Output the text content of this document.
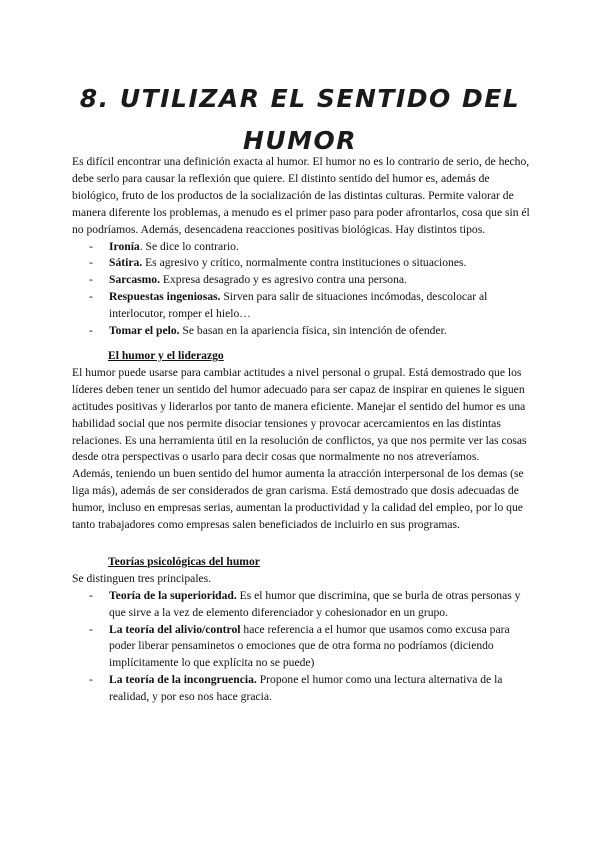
8. UTILIZAR EL SENTIDO DEL HUMOR

Es difícil encontrar una definición exacta al humor. El humor no es lo contrario de serio, de hecho, debe serlo para causar la reflexión que quiere. El distinto sentido del humor es, además de biológico, fruto de los productos de la socialización de las distintas culturas. Permite valorar de manera diferente los problemas, a menudo es el primer paso para poder afrontarlos, cosa que sin él no podríamos. Además, desencadena reacciones positivas biológicas. Hay distintos tipos.

- Ironía. Se dice lo contrario.
- Sátira. Es agresivo y crítico, normalmente contra instituciones o situaciones.
- Sarcasmo. Expresa desagrado y es agresivo contra una persona.
- Respuestas ingeniosas. Sirven para salir de situaciones incómodas, descolocar al interlocutor, romper el hielo…
- Tomar el pelo. Se basan en la apariencia física, sin intención de ofender.

El humor y el liderazgo

El humor puede usarse para cambiar actitudes a nivel personal o grupal. Está demostrado que los líderes deben tener un sentido del humor adecuado para ser capaz de inspirar en quienes le siguen actitudes positivas y liderarlos por tanto de manera eficiente. Manejar el sentido del humor es una habilidad social que nos permite disociar tensiones y provocar acercamientos en las distintas relaciones. Es una herramienta útil en la resolución de conflictos, ya que nos permite ver las cosas desde otra perspectivas o usarlo para decir cosas que normalmente no nos atreveríamos.

Además, teniendo un buen sentido del humor aumenta la atracción interpersonal de los demas (se liga más), además de ser considerados de gran carisma. Está demostrado que dosis adecuadas de humor, incluso en empresas serias, aumentan la productividad y la calidad del empleo, por lo que tanto trabajadores como empresas salen beneficiados de incluirlo en sus programas.

Teorías psicológicas del humor

Se distinguen tres principales.

- Teoría de la superioridad. Es el humor que discrimina, que se burla de otras personas y que sirve a la vez de elemento diferenciador y cohesionador en un grupo.
- La teoría del alivio/control hace referencia a el humor que usamos como excusa para poder liberar pensaminetos o emociones que de otra forma no podríamos (diciendo implícitamente lo que explícita no se puede)
- La teoría de la incongruencia. Propone el humor como una lectura alternativa de la realidad, y por eso nos hace gracia.
